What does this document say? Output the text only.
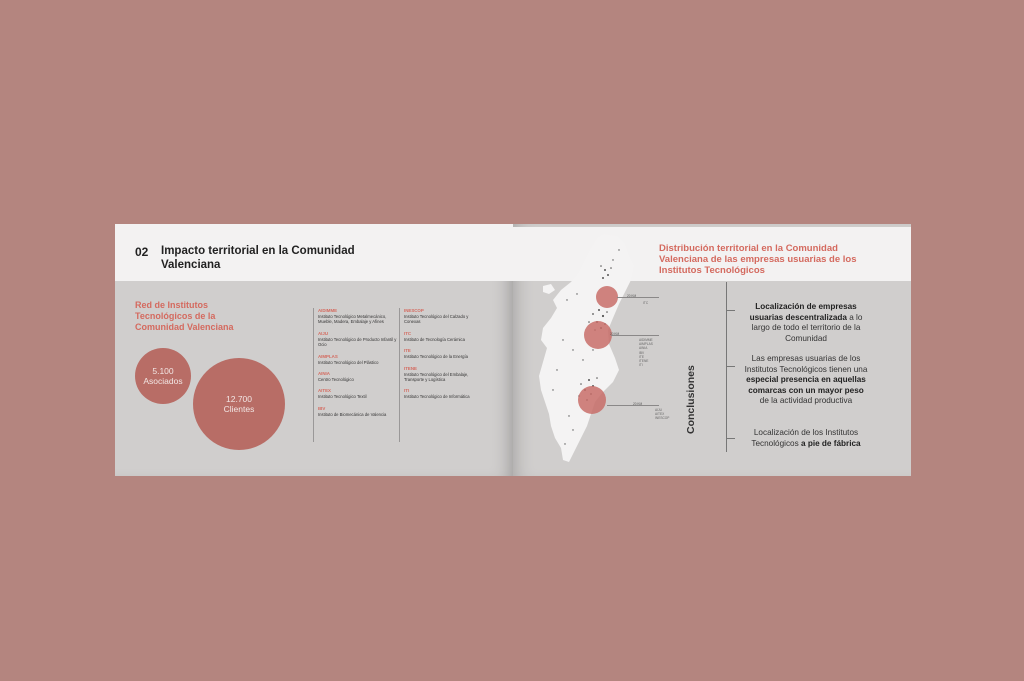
02 Impacto territorial en la Comunidad Valenciana
Red de Institutos Tecnológicos de la Comunidad Valenciana
5.100
Asociados
12.700
Clientes
AIDIMME
Instituto Tecnológico Metalmecánico, Mueble, Madera, Embalaje y Afines
AIJU
Instituto Tecnológico de Producto Infantil y Ocio
AIMPLAS
Instituto Tecnológico del Plástico
AINIA
Centro Tecnológico
AITEX
Instituto Tecnológico Textil
IBV
Instituto de Biomecánica de Valencia
INESCOP
Instituto Tecnológico del Calzado y Conexas
ITC
Instituto de Tecnología Cerámica
ITE
Instituto Tecnológico de la Energía
ITENE
Instituto Tecnológico del Embalaje, Transporte y Logística
ITI
Instituto Tecnológico de Informática
Distribución territorial en la Comunidad Valenciana de las empresas usuarias de los Institutos Tecnológicos
20 KM
ITC
20 KM
AIDIMME
AIMPLAS
AINIA
IBV
ITE
ITENE
ITI
20 KM
AIJU
AITEX
INESCOP	Conclusiones
Localización de empresas usuarias descentralizada a lo largo de todo el territorio de la Comunidad
Las empresas usuarias de los Institutos Tecnológicos tienen una especial presencia en aquellas comarcas con un mayor peso de la actividad productiva
Localización de los Institutos Tecnológicos a pie de fábrica
